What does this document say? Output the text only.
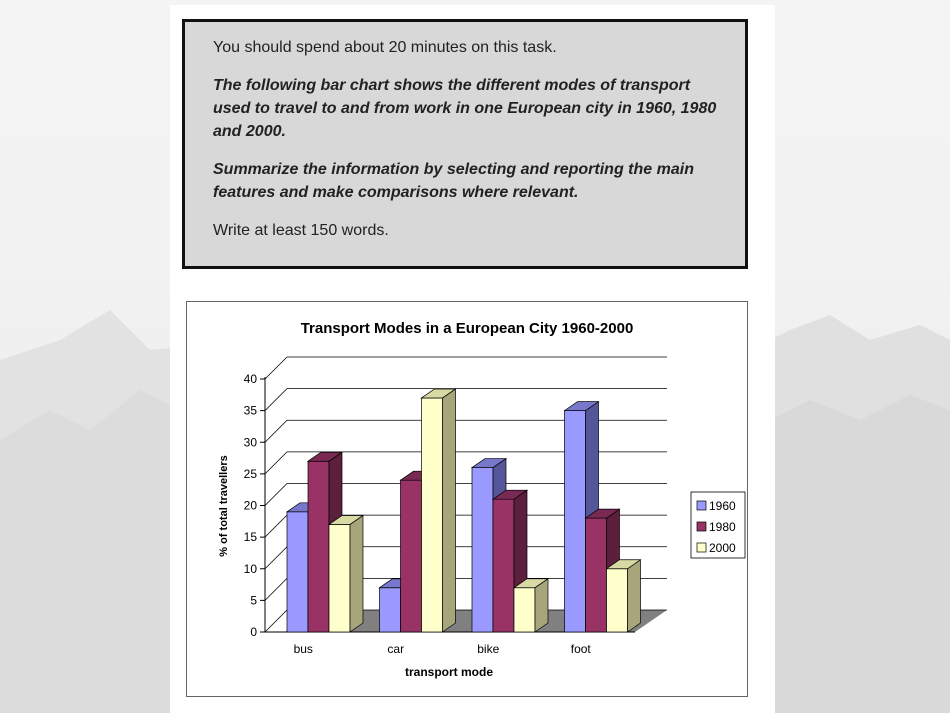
You should spend about 20 minutes on this task.

The following bar chart shows the different modes of transport used to travel to and from work in one European city in 1960, 1980 and 2000.

Summarize the information by selecting and reporting the main features and make comparisons where relevant.

Write at least 150 words.

Transport Modes in a European City 1960-2000
% of total travellers
transport mode
0
5
10
15
20
25
30
35
40
bus	car	bike	foot
1960
1980
2000
